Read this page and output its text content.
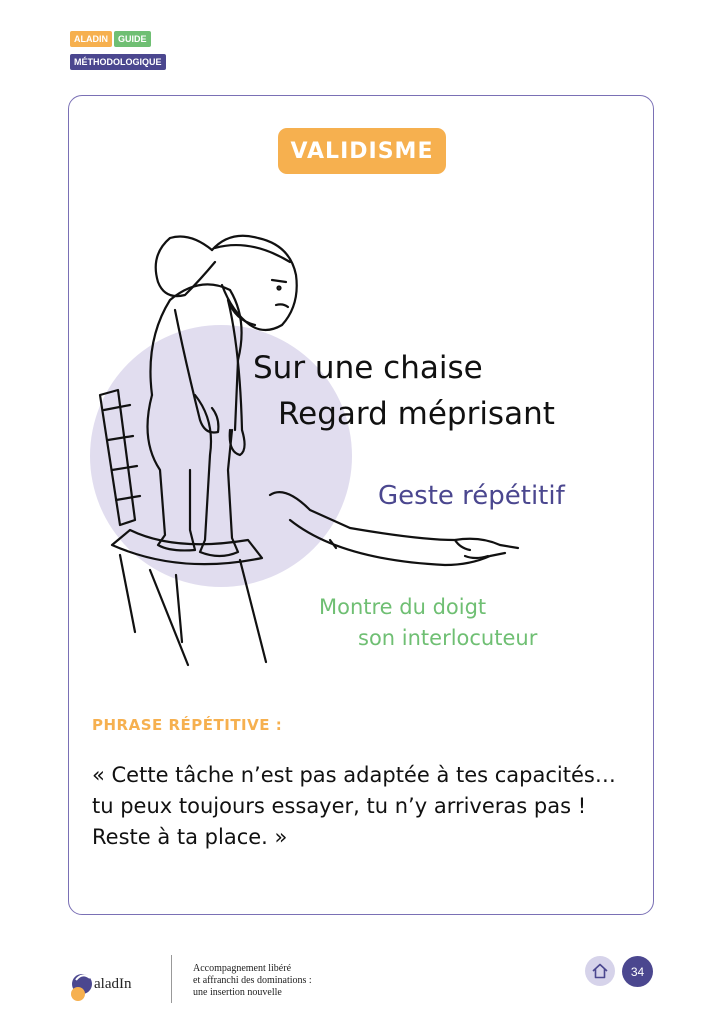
ALADIN GUIDE
MÉTHODOLOGIQUE
VALIDISME
Sur une chaise
Regard méprisant
Geste répétitif
Montre du doigt
son interlocuteur
PHRASE RÉPÉTITIVE :
« Cette tâche n’est pas adaptée à tes capacités…
tu peux toujours essayer, tu n’y arriveras pas !
Reste à ta place. »
aladIn
Accompagnement libéré
et affranchi des dominations :
une insertion nouvelle
34
